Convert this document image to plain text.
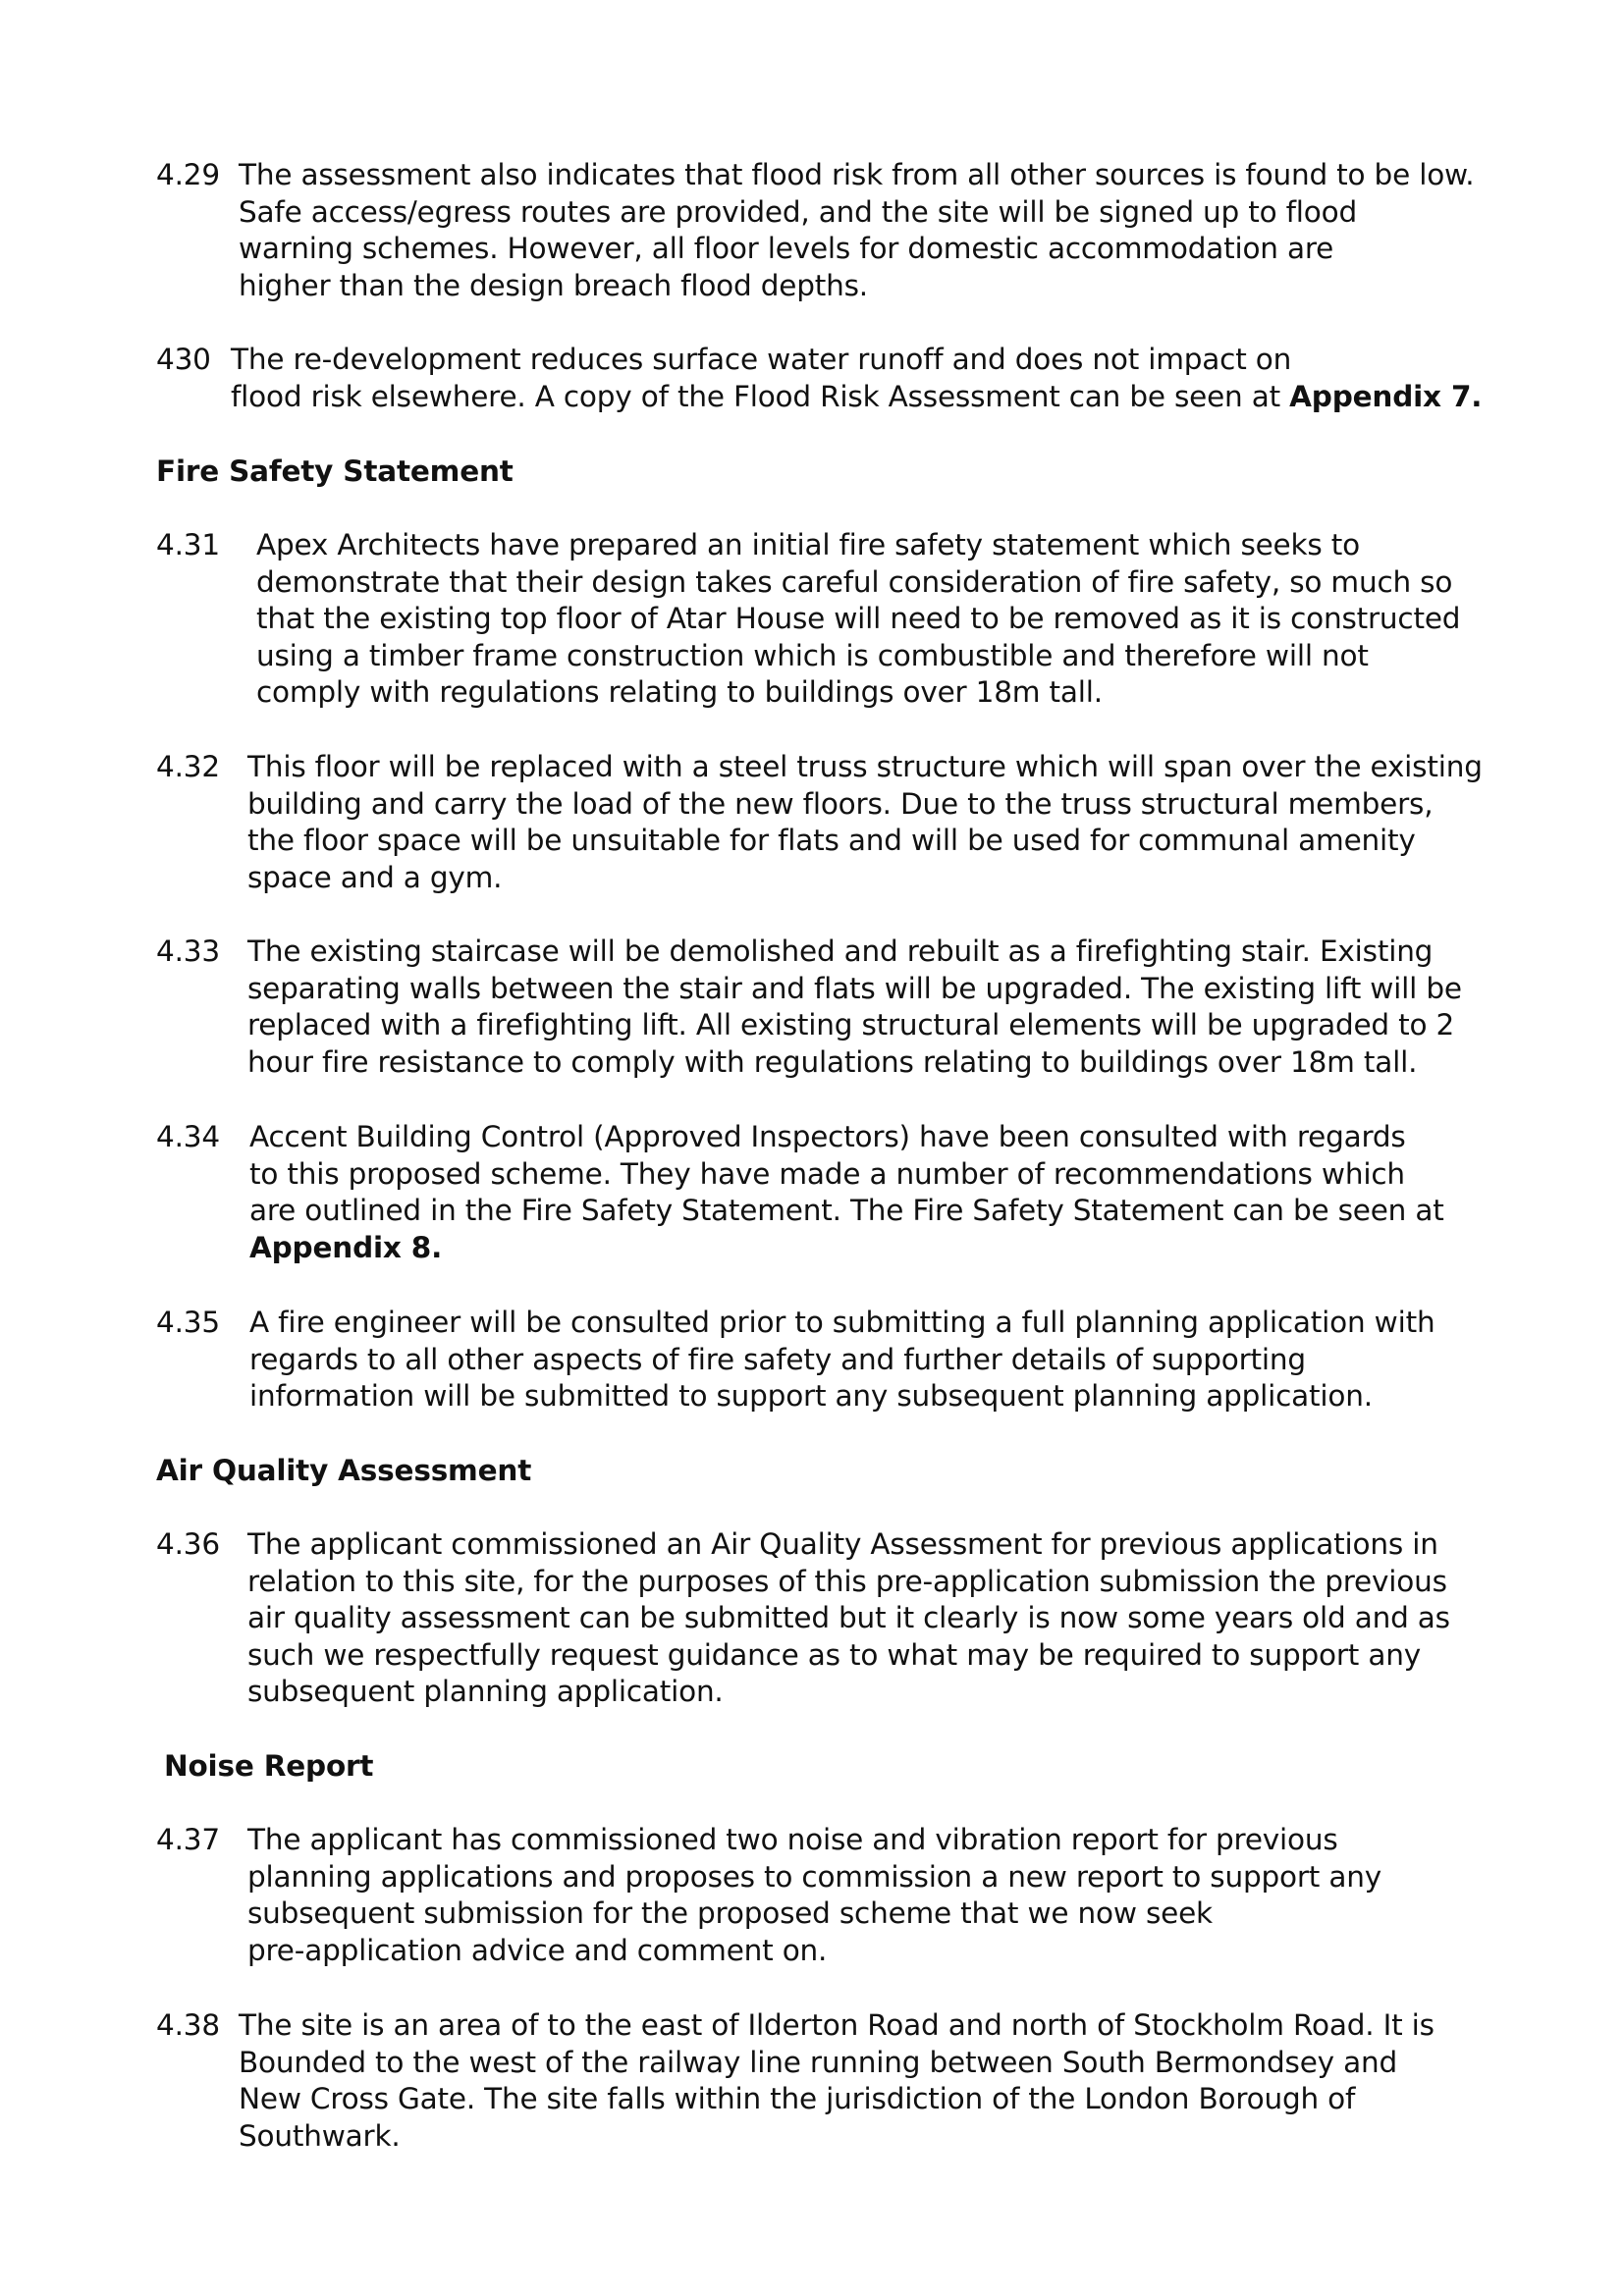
4.29 The assessment also indicates that flood risk from all other sources is found to be low.
Safe access/egress routes are provided, and the site will be signed up to flood
warning schemes. However, all floor levels for domestic accommodation are
higher than the design breach flood depths.
430 The re-development reduces surface water runoff and does not impact on
flood risk elsewhere. A copy of the Flood Risk Assessment can be seen at Appendix 7.
Fire Safety Statement
4.31 Apex Architects have prepared an initial fire safety statement which seeks to
demonstrate that their design takes careful consideration of fire safety, so much so
that the existing top floor of Atar House will need to be removed as it is constructed
using a timber frame construction which is combustible and therefore will not
comply with regulations relating to buildings over 18m tall.
4.32 This floor will be replaced with a steel truss structure which will span over the existing
building and carry the load of the new floors. Due to the truss structural members,
the floor space will be unsuitable for flats and will be used for communal amenity
space and a gym.
4.33 The existing staircase will be demolished and rebuilt as a firefighting stair. Existing
separating walls between the stair and flats will be upgraded. The existing lift will be
replaced with a firefighting lift. All existing structural elements will be upgraded to 2
hour fire resistance to comply with regulations relating to buildings over 18m tall.
4.34 Accent Building Control (Approved Inspectors) have been consulted with regards
to this proposed scheme. They have made a number of recommendations which
are outlined in the Fire Safety Statement. The Fire Safety Statement can be seen at
Appendix 8.
4.35 A fire engineer will be consulted prior to submitting a full planning application with
regards to all other aspects of fire safety and further details of supporting
information will be submitted to support any subsequent planning application.
Air Quality Assessment
4.36 The applicant commissioned an Air Quality Assessment for previous applications in
relation to this site, for the purposes of this pre-application submission the previous
air quality assessment can be submitted but it clearly is now some years old and as
such we respectfully request guidance as to what may be required to support any
subsequent planning application.
Noise Report
4.37 The applicant has commissioned two noise and vibration report for previous
planning applications and proposes to commission a new report to support any
subsequent submission for the proposed scheme that we now seek
pre-application advice and comment on.
4.38 The site is an area of to the east of Ilderton Road and north of Stockholm Road. It is
Bounded to the west of the railway line running between South Bermondsey and
New Cross Gate. The site falls within the jurisdiction of the London Borough of
Southwark.
